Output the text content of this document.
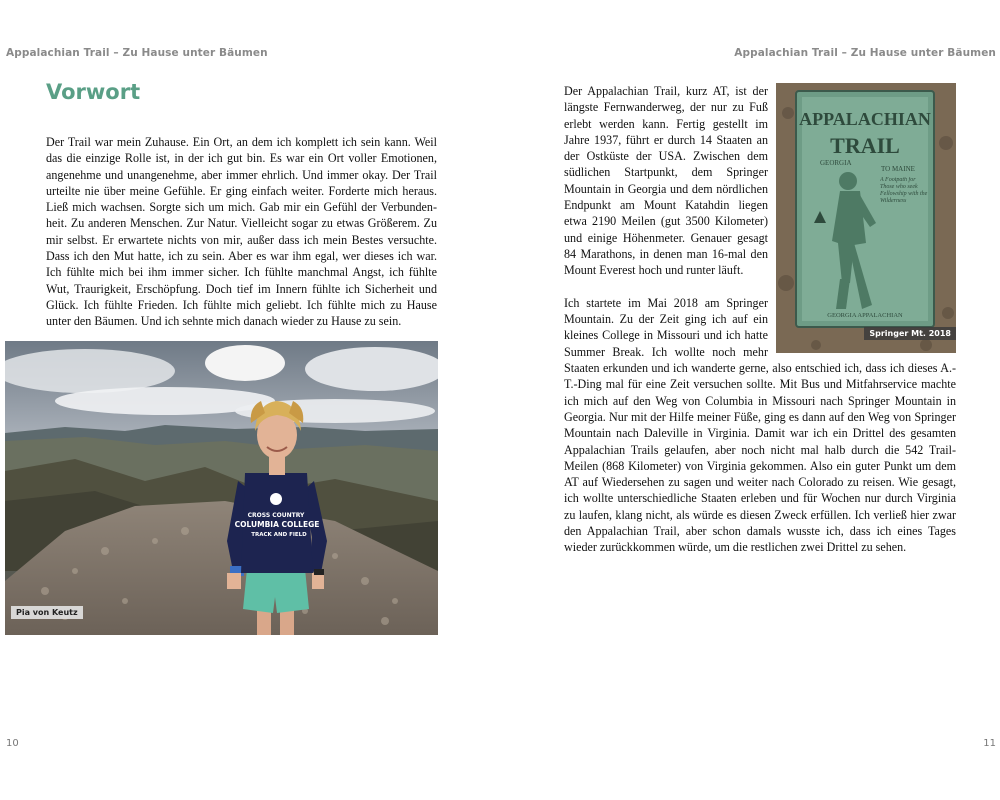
Appalachian Trail – Zu Hause unter Bäumen	Appalachian Trail – Zu Hause unter Bäumen
Vorwort

Der Trail war mein Zuhause. Ein Ort, an dem ich komplett ich sein kann. Weil das die einzige Rolle ist, in der ich gut bin. Es war ein Ort voller Emotionen, angenehme und unangenehme, aber immer ehrlich. Und immer okay. Der Trail urteilte nie über meine Gefühle. Er ging einfach weiter. Forderte mich heraus. Ließ mich wachsen. Sorgte sich um mich. Gab mir ein Gefühl der Verbundenheit. Zu anderen Menschen. Zur Natur. Vielleicht sogar zu etwas Größerem. Zu mir selbst. Er erwartete nichts von mir, außer dass ich mein Bestes versuchte. Dass ich den Mut hatte, ich zu sein. Aber es war ihm egal, wer dieses ich war. Ich fühlte mich bei ihm immer sicher. Ich fühlte manchmal Angst, ich fühlte Wut, Traurigkeit, Erschöpfung. Doch tief im Innern fühlte ich Sicherheit und Glück. Ich fühlte Frieden. Ich fühlte mich geliebt. Ich fühlte mich zu Hause unter den Bäumen. Und ich sehnte mich danach wieder zu Hause zu sein.

CROSS COUNTRY
COLUMBIA COLLEGE
TRACK AND FIELD
Pia von Keutz
10
APPALACHIAN
TRAIL
GEORGIA
TO MAINE
A Footpath for Those who seek Fellowship with the Wilderness
GEORGIA APPALACHIAN
Springer Mt. 2018

Der Appalachian Trail, kurz AT, ist der längste Fernwanderweg, der nur zu Fuß erlebt werden kann. Fertig gestellt im Jahre 1937, führt er durch 14 Staaten an der Ostküste der USA. Zwischen dem südlichen Startpunkt, dem Springer Mountain in Georgia und dem nördlichen Endpunkt am Mount Katahdin liegen etwa 2190 Meilen (gut 3500 Kilometer) und einige Höhenmeter. Genauer gesagt 84 Marathons, in denen man 16-mal den Mount Everest hoch und runter läuft.

Ich startete im Mai 2018 am Springer Mountain. Zu der Zeit ging ich auf ein kleines College in Missouri und ich hatte Summer Break. Ich wollte noch mehr Staaten erkunden und ich wanderte gerne, also entschied ich, dass ich dieses A.-T.-Ding mal für eine Zeit versuchen sollte. Mit Bus und Mitfahrservice machte ich mich auf den Weg von Columbia in Missouri nach Springer Mountain in Georgia. Nur mit der Hilfe meiner Füße, ging es dann auf den Weg von Springer Mountain nach Daleville in Virginia. Damit war ich ein Drittel des gesamten Appalachian Trails gelaufen, aber noch nicht mal halb durch die 542 Trail-Meilen (868 Kilometer) von Virginia gekommen. Also ein guter Punkt um dem AT auf Wiedersehen zu sagen und weiter nach Colorado zu reisen. Wie gesagt, ich wollte unterschiedliche Staaten erleben und für Wochen nur durch Virginia zu laufen, klang nicht, als würde es diesen Zweck erfüllen. Ich verließ hier zwar den Appalachian Trail, aber schon damals wusste ich, dass ich eines Tages wieder zurückkommen würde, um die restlichen zwei Drittel zu sehen.

11
